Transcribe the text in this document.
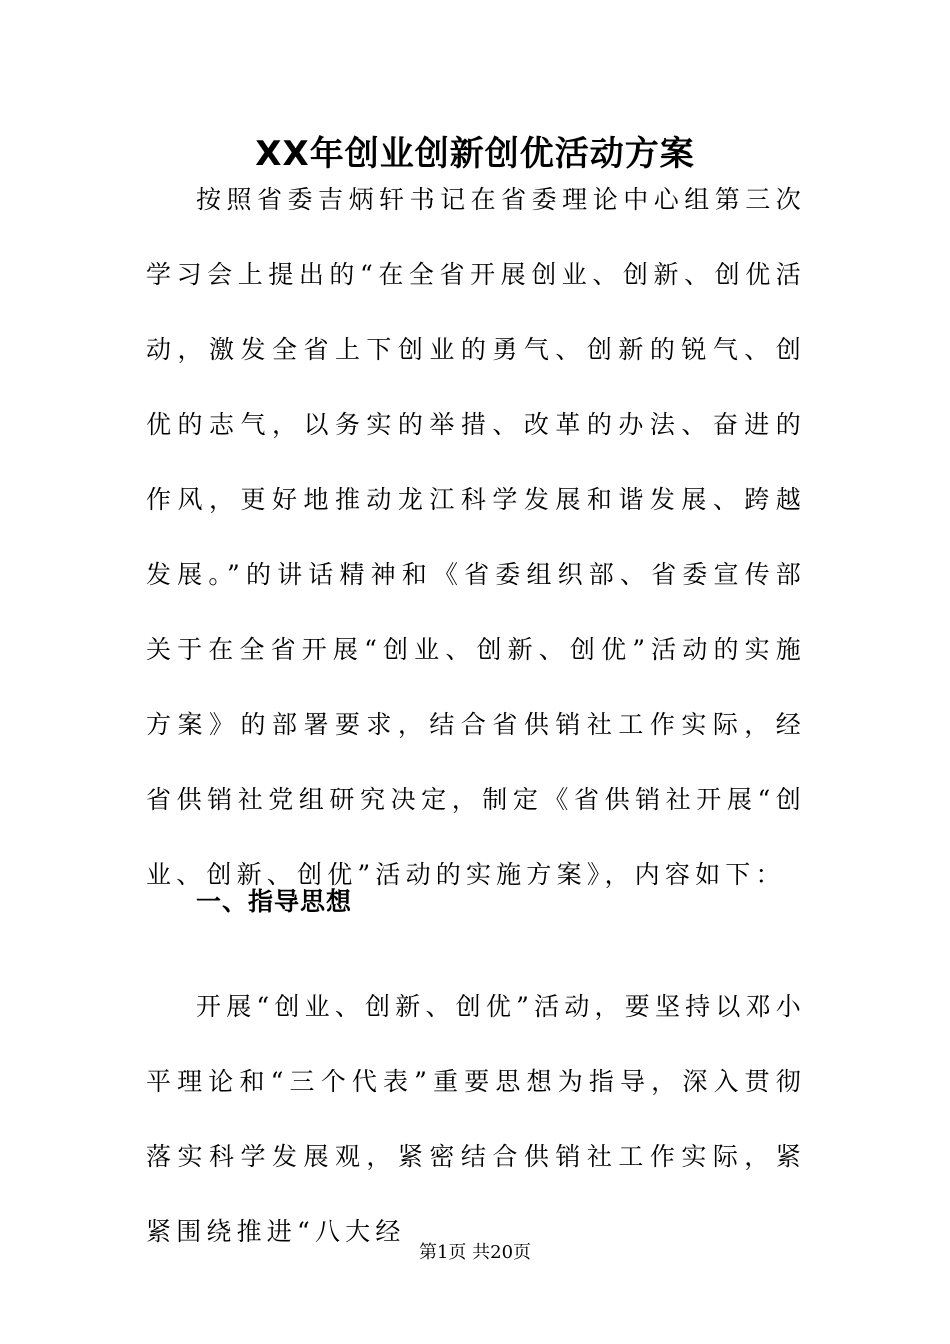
XX年创业创新创优活动方案
按照省委吉炳轩书记在省委理论中心组第三次学习会上提出的“在全省开展创业、创新、创优活动，激发全省上下创业的勇气、创新的锐气、创优的志气，以务实的举措、改革的办法、奋进的作风，更好地推动龙江科学发展和谐发展、跨越发展。”的讲话精神和《省委组织部、省委宣传部关于在全省开展“创业、创新、创优”活动的实施方案》的部署要求，结合省供销社工作实际，经省供销社党组研究决定，制定《省供销社开展“创业、创新、创优”活动的实施方案》，内容如下：
一、指导思想
开展“创业、创新、创优”活动，要坚持以邓小平理论和“三个代表”重要思想为指导，深入贯彻落实科学发展观，紧密结合供销社工作实际，紧紧围绕推进“八大经
第1页 共20页
